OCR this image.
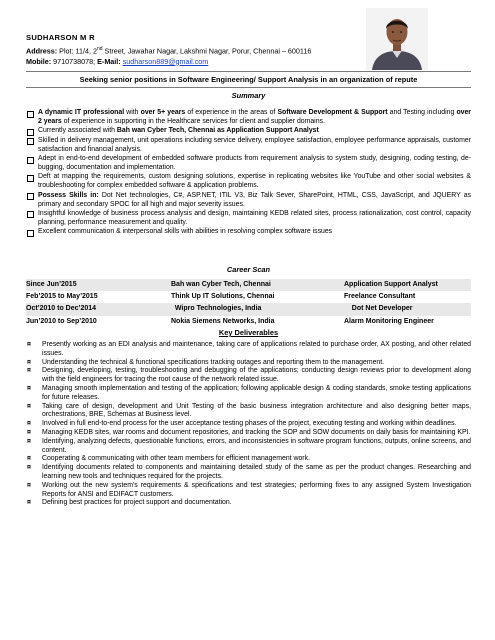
SUDHARSON M R
Address: Plot: 11/4, 2nd Street, Jawahar Nagar, Lakshmi Nagar, Porur, Chennai – 600116
Mobile: 9710738078; E-Mail: sudharson889@gmail.com
Seeking senior positions in Software Engineering/ Support Analysis in an organization of repute
Summary
A dynamic IT professional with over 5+ years of experience in the areas of Software Development & Support and Testing including over 2 years of experience in supporting in the Healthcare services for client and supplier domains.
Currently associated with Bah wan Cyber Tech, Chennai as Application Support Analyst
Skilled in delivery management, unit operations including service delivery, employee satisfaction, employee performance appraisals, customer satisfaction and financial analysis.
Adept in end-to-end development of embedded software products from requirement analysis to system study, designing, coding testing, de-bugging, documentation and implementation.
Deft at mapping the requirements, custom designing solutions, expertise in replicating websites like YouTube and other social websites & troubleshooting for complex embedded software & application problems.
Possess Skills in: Dot Net technologies, C#, ASP.NET, ITIL V3, Biz Talk Sever, SharePoint, HTML, CSS, JavaScript, and JQUERY as primary and secondary SPOC for all high and major severity issues.
Insightful knowledge of business process analysis and design, maintaining KEDB related sites, process rationalization, cost control, capacity planning, performance measurement and quality.
Excellent communication & interpersonal skills with abilities in resolving complex software issues
Career Scan
Since Jun’2015	Bah wan Cyber Tech, Chennai	Application Support Analyst
Feb’2015 to May’2015	Think Up IT Solutions, Chennai	Freelance Consultant
Oct’2010 to Dec’2014	Wipro Technologies, India	Dot Net Developer
Jun’2010 to Sep’2010	Nokia Siemens Networks, India	Alarm Monitoring Engineer
Key Deliverables
¤ Presently working as an EDI analysis and maintenance, taking care of applications related to purchase order, AX posting, and other related issues.
¤ Understanding the technical & functional specifications tracking outages and reporting them to the management.
¤ Designing, developing, testing, troubleshooting and debugging of the applications; conducting design reviews prior to development along with the field engineers for tracing the root cause of the network related issue.
¤ Managing smooth implementation and testing of the application; following applicable design & coding standards, smoke testing applications for future releases.
¤ Taking care of design, development and Unit Testing of the basic business integration architecture and also designing better maps, orchestrations, BRE, Schemas at Business level.
¤ Involved in full end-to-end process for the user acceptance testing phases of the project, executing testing and working within deadlines.
¤ Managing KEDB sites, war rooms and document repositories, and tracking the SOP and SOW documents on daily basis for maintaining KPI.
¤ Identifying, analyzing defects, questionable functions, errors, and inconsistencies in software program functions, outputs, online screens, and content.
¤ Cooperating & communicating with other team members for efficient management work.
¤ Identifying documents related to components and maintaining detailed study of the same as per the product changes. Researching and learning new tools and techniques required for the projects.
¤ Working out the new system's requirements & specifications and test strategies; performing fixes to any assigned System Investigation Reports for ANSI and EDIFACT customers.
¤ Defining best practices for project support and documentation.
